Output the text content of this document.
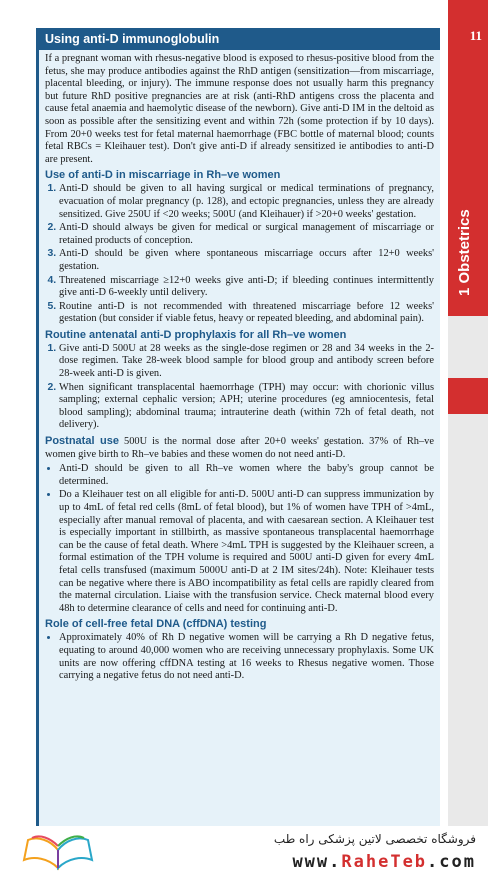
11
1 Obstetrics
Using anti-D immunoglobulin

If a pregnant woman with rhesus-negative blood is exposed to rhesus-positive blood from the fetus, she may produce antibodies against the RhD antigen (sensitization—from miscarriage, placental bleeding, or injury). The immune response does not usually harm this pregnancy but future RhD positive pregnancies are at risk (anti-RhD antigens cross the placenta and cause fetal anaemia and haemolytic disease of the newborn). Give anti-D IM in the deltoid as soon as possible after the sensitizing event and within 72h (some protection if by 10 days). From 20+0 weeks test for fetal maternal haemorrhage (FBC bottle of maternal blood; counts fetal RBCs = Kleihauer test). Don't give anti-D if already sensitized ie antibodies to anti-D are present.

Use of anti-D in miscarriage in Rh–ve women
1. Anti-D should be given to all having surgical or medical terminations of pregnancy, evacuation of molar pregnancy (p. 128), and ectopic pregnancies, unless they are already sensitized. Give 250U if <20 weeks; 500U (and Kleihauer) if >20+0 weeks' gestation.
2. Anti-D should always be given for medical or surgical management of miscarriage or retained products of conception.
3. Anti-D should be given where spontaneous miscarriage occurs after 12+0 weeks' gestation.
4. Threatened miscarriage ≥12+0 weeks give anti-D; if bleeding continues intermittently give anti-D 6-weekly until delivery.
5. Routine anti-D is not recommended with threatened miscarriage before 12 weeks' gestation (but consider if viable fetus, heavy or repeated bleeding, and abdominal pain).
Routine antenatal anti-D prophylaxis for all Rh–ve women
1. Give anti-D 500U at 28 weeks as the single-dose regimen or 28 and 34 weeks in the 2-dose regimen. Take 28-week blood sample for blood group and antibody screen before 28-week anti-D is given.
2. When significant transplacental haemorrhage (TPH) may occur: with chorionic villus sampling; external cephalic version; APH; uterine procedures (eg amniocentesis, fetal blood sampling); abdominal trauma; intrauterine death (within 72h of fetal death, not delivery).

Postnatal use 500U is the normal dose after 20+0 weeks' gestation. 37% of Rh–ve women give birth to Rh–ve babies and these women do not need anti-D.

• Anti-D should be given to all Rh–ve women where the baby's group cannot be determined.
• Do a Kleihauer test on all eligible for anti-D. 500U anti-D can suppress immunization by up to 4mL of fetal red cells (8mL of fetal blood), but 1% of women have TPH of >4mL, especially after manual removal of placenta, and with caesarean section. A Kleihauer test is especially important in stillbirth, as massive spontaneous transplacental haemorrhage can be the cause of fetal death. Where >4mL TPH is suggested by the Kleihauer screen, a formal estimation of the TPH volume is required and 500U anti-D given for every 4mL fetal cells transfused (maximum 5000U anti-D at 2 IM sites/24h). Note: Kleihauer tests can be negative where there is ABO incompatibility as fetal cells are rapidly cleared from the maternal circulation. Liaise with the transfusion service. Check maternal blood every 48h to determine clearance of cells and need for continuing anti-D.
Role of cell-free fetal DNA (cffDNA) testing
• Approximately 40% of Rh D negative women will be carrying a Rh D negative fetus, equating to around 40,000 women who are receiving unnecessary prophylaxis. Some UK units are now offering cffDNA testing at 16 weeks to Rhesus negative women. Those carrying a negative fetus do not need anti-D.
فروشگاه تخصصی لاتین پزشکی راه طب
www.RaheTeb.com
